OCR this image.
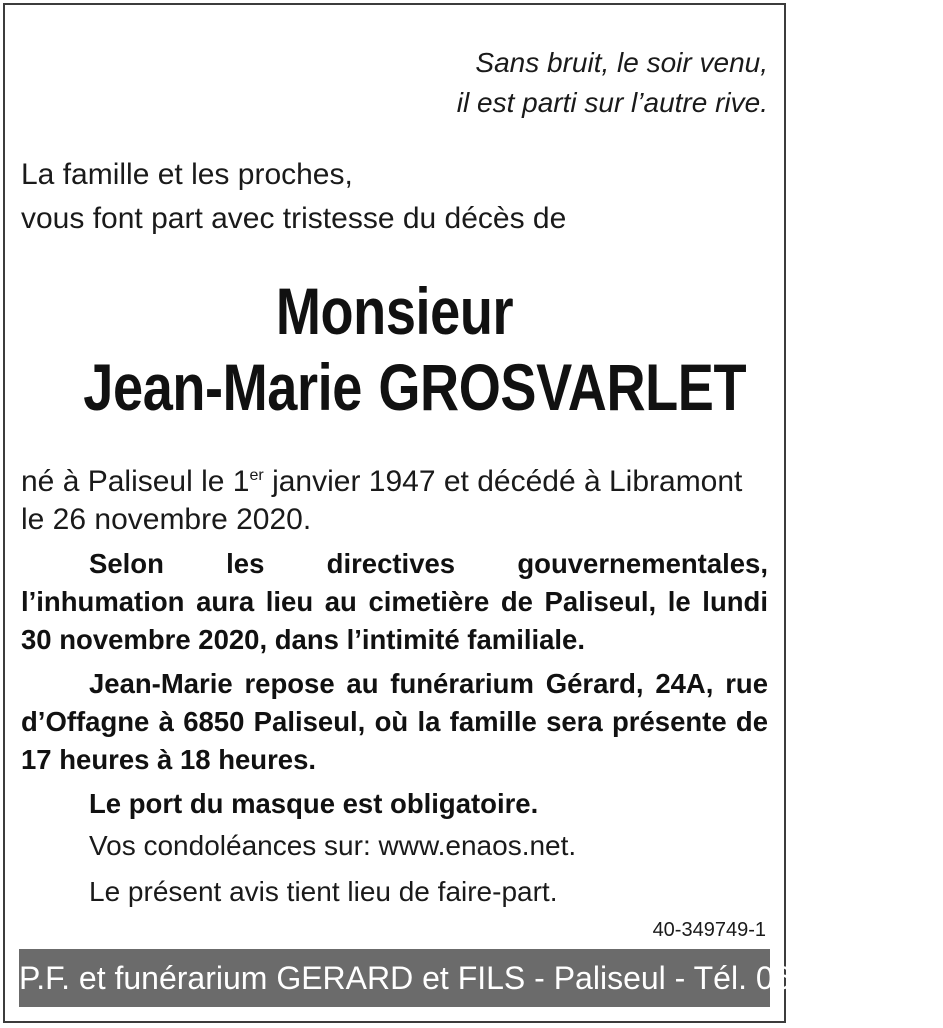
Sans bruit, le soir venu,
il est parti sur l’autre rive.
La famille et les proches,
vous font part avec tristesse du décès de
Monsieur
Jean-Marie GROSVARLET
né à Paliseul le 1er janvier 1947 et décédé à Libramont
le 26 novembre 2020.
Selon les directives gouvernementales, l’inhumation aura lieu au cimetière de Paliseul, le lundi 30 novembre 2020, dans l’intimité familiale.
Jean-Marie repose au funérarium Gérard, 24A, rue d’Offagne à 6850 Paliseul, où la famille sera présente de 17 heures à 18 heures.
Le port du masque est obligatoire.
Vos condoléances sur: www.enaos.net.
Le présent avis tient lieu de faire-part.
40-349749-1
P.F. et funérarium GERARD et FILS - Paliseul - Tél. 061 53 32 84
